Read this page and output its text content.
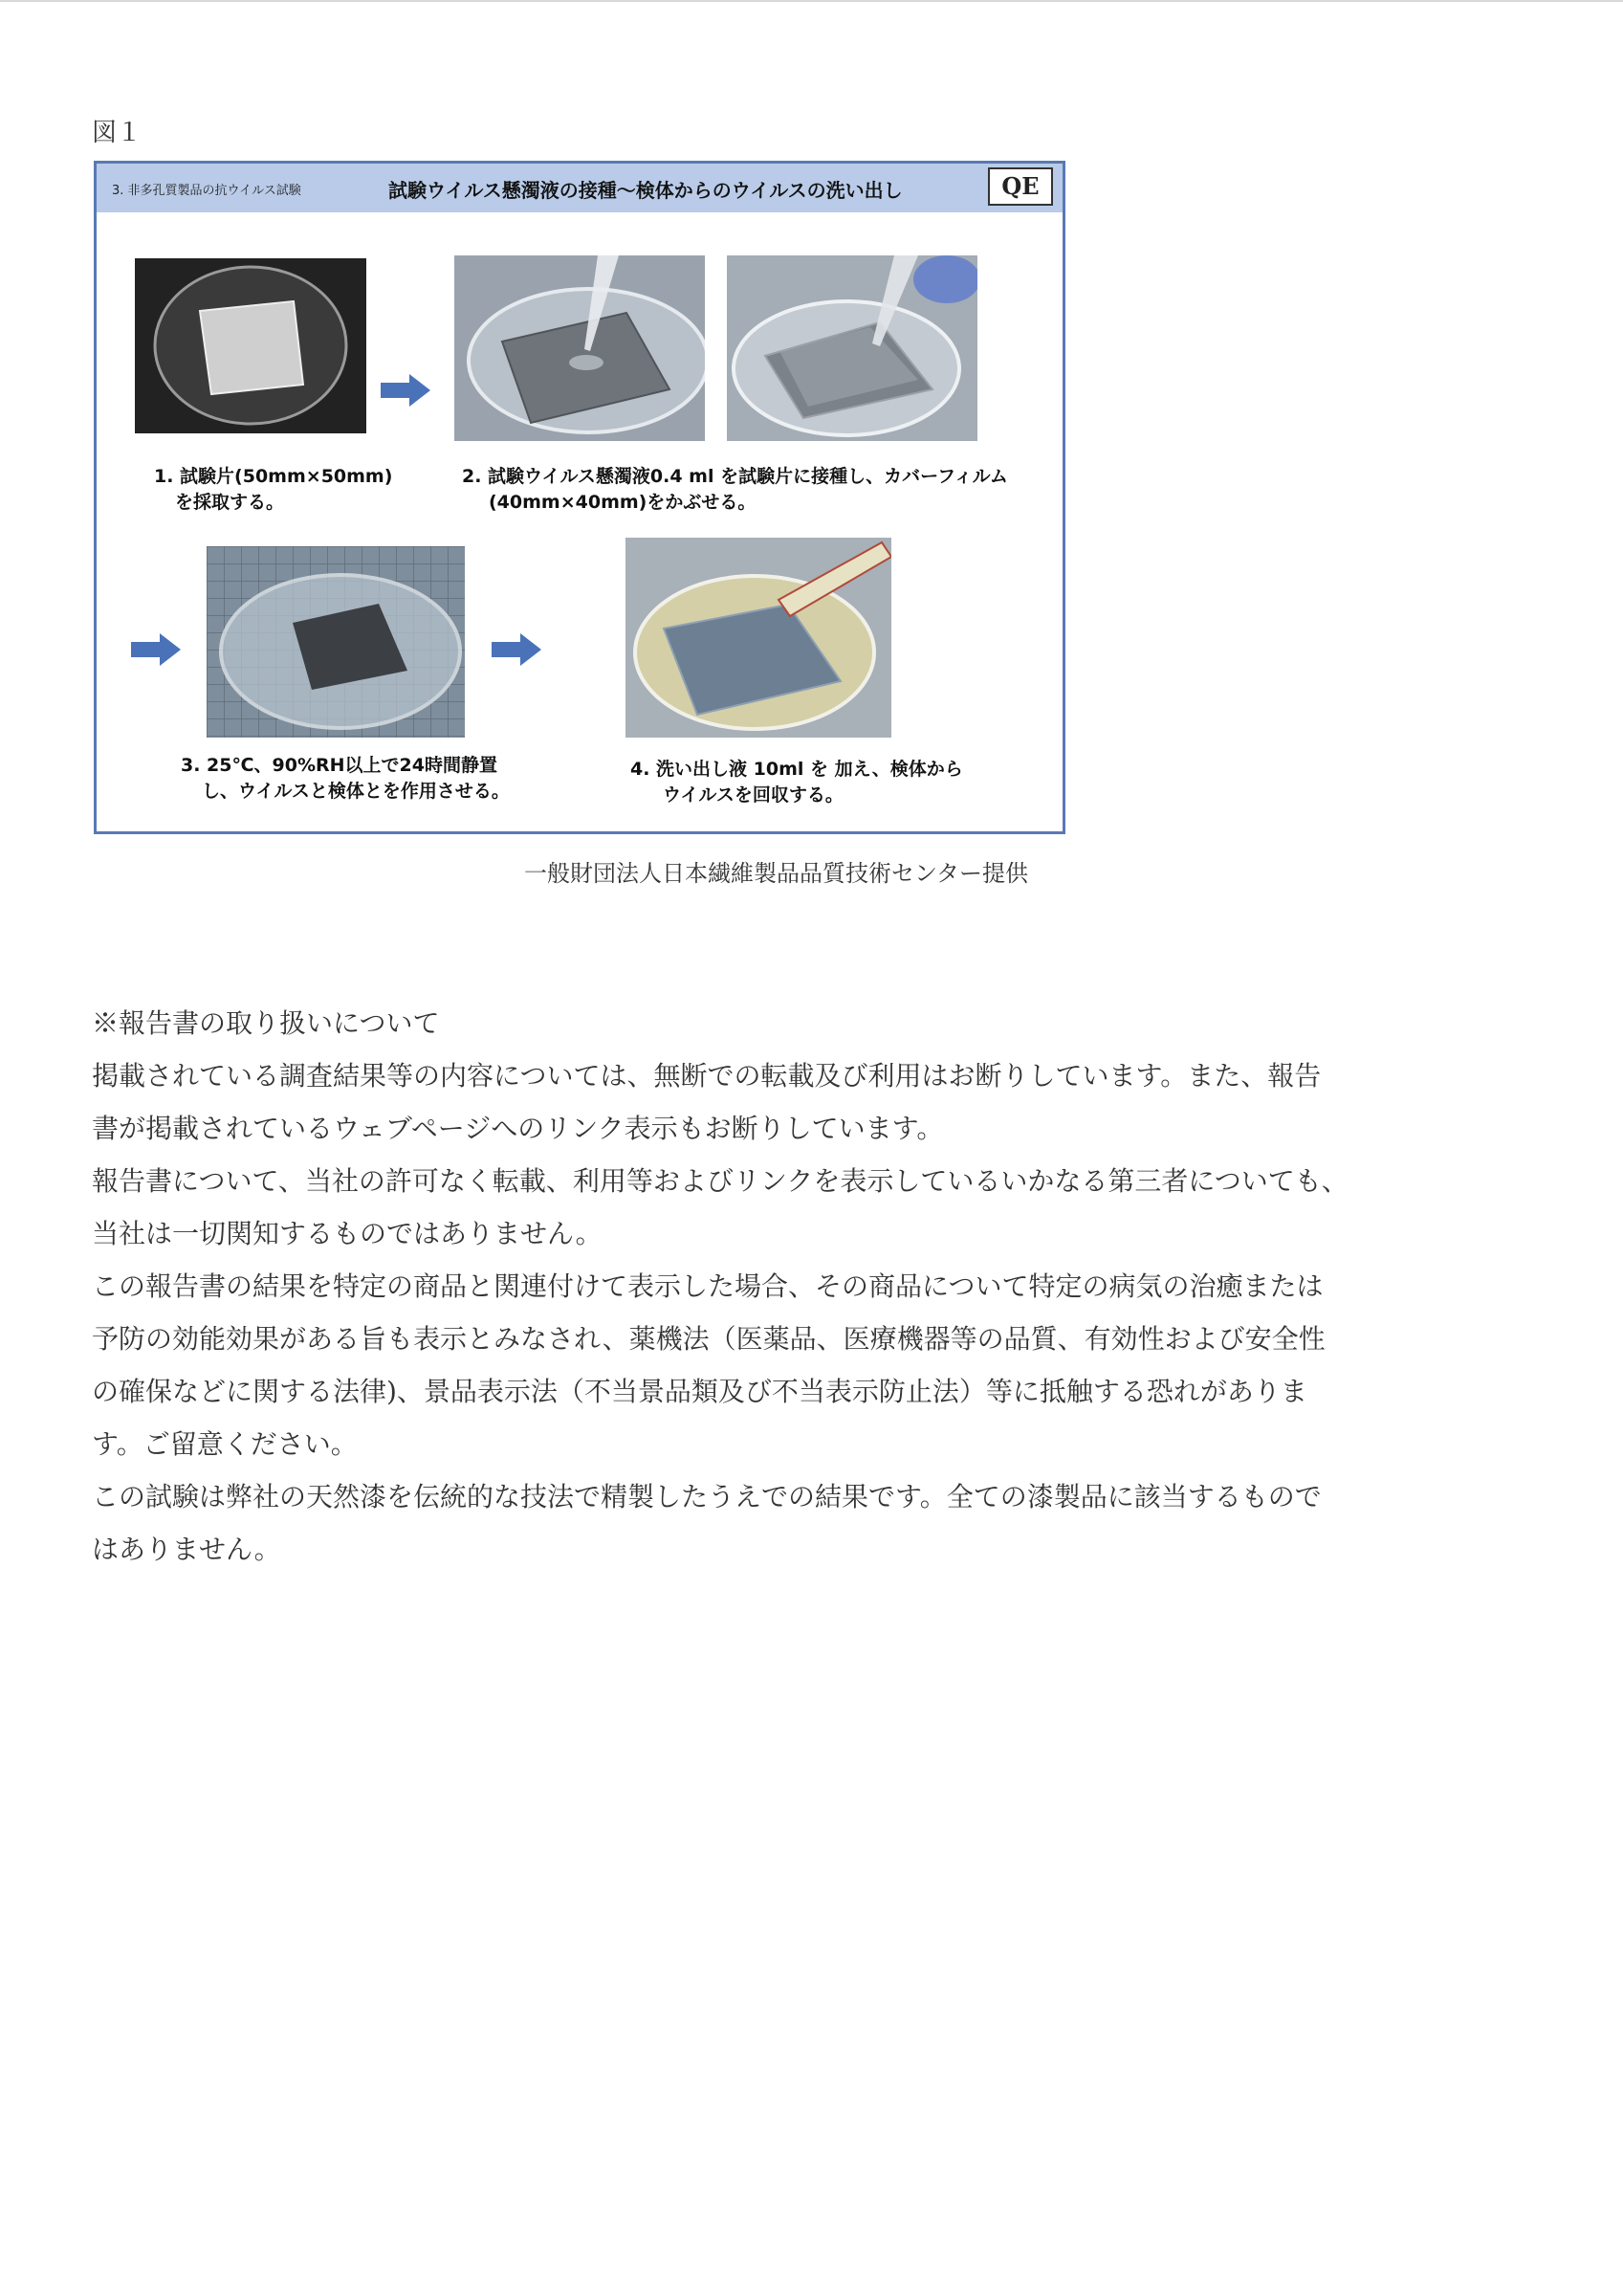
図１
3. 非多孔質製品の抗ウイルス試験	試験ウイルス懸濁液の接種～検体からのウイルスの洗い出し	QE
1. 試験片(50mm×50mm)
を採取する。
2. 試験ウイルス懸濁液0.4 ml を試験片に接種し、カバーフィルム
(40mm×40mm)をかぶせる。
3. 25℃、90%RH以上で24時間静置
し、ウイルスと検体とを作用させる。
4. 洗い出し液 10ml を 加え、検体から
ウイルスを回収する。
一般財団法人日本繊維製品品質技術センター提供

※報告書の取り扱いについて

掲載されている調査結果等の内容については、無断での転載及び利用はお断りしています。また、報告

書が掲載されているウェブページへのリンク表示もお断りしています。

報告書について、当社の許可なく転載、利用等およびリンクを表示しているいかなる第三者についても、

当社は一切関知するものではありません。

この報告書の結果を特定の商品と関連付けて表示した場合、その商品について特定の病気の治癒または

予防の効能効果がある旨も表示とみなされ、薬機法（医薬品、医療機器等の品質、有効性および安全性

の確保などに関する法律)、景品表示法（不当景品類及び不当表示防止法）等に抵触する恐れがありま

す。ご留意ください。

この試験は弊社の天然漆を伝統的な技法で精製したうえでの結果です。全ての漆製品に該当するもので

はありません。
